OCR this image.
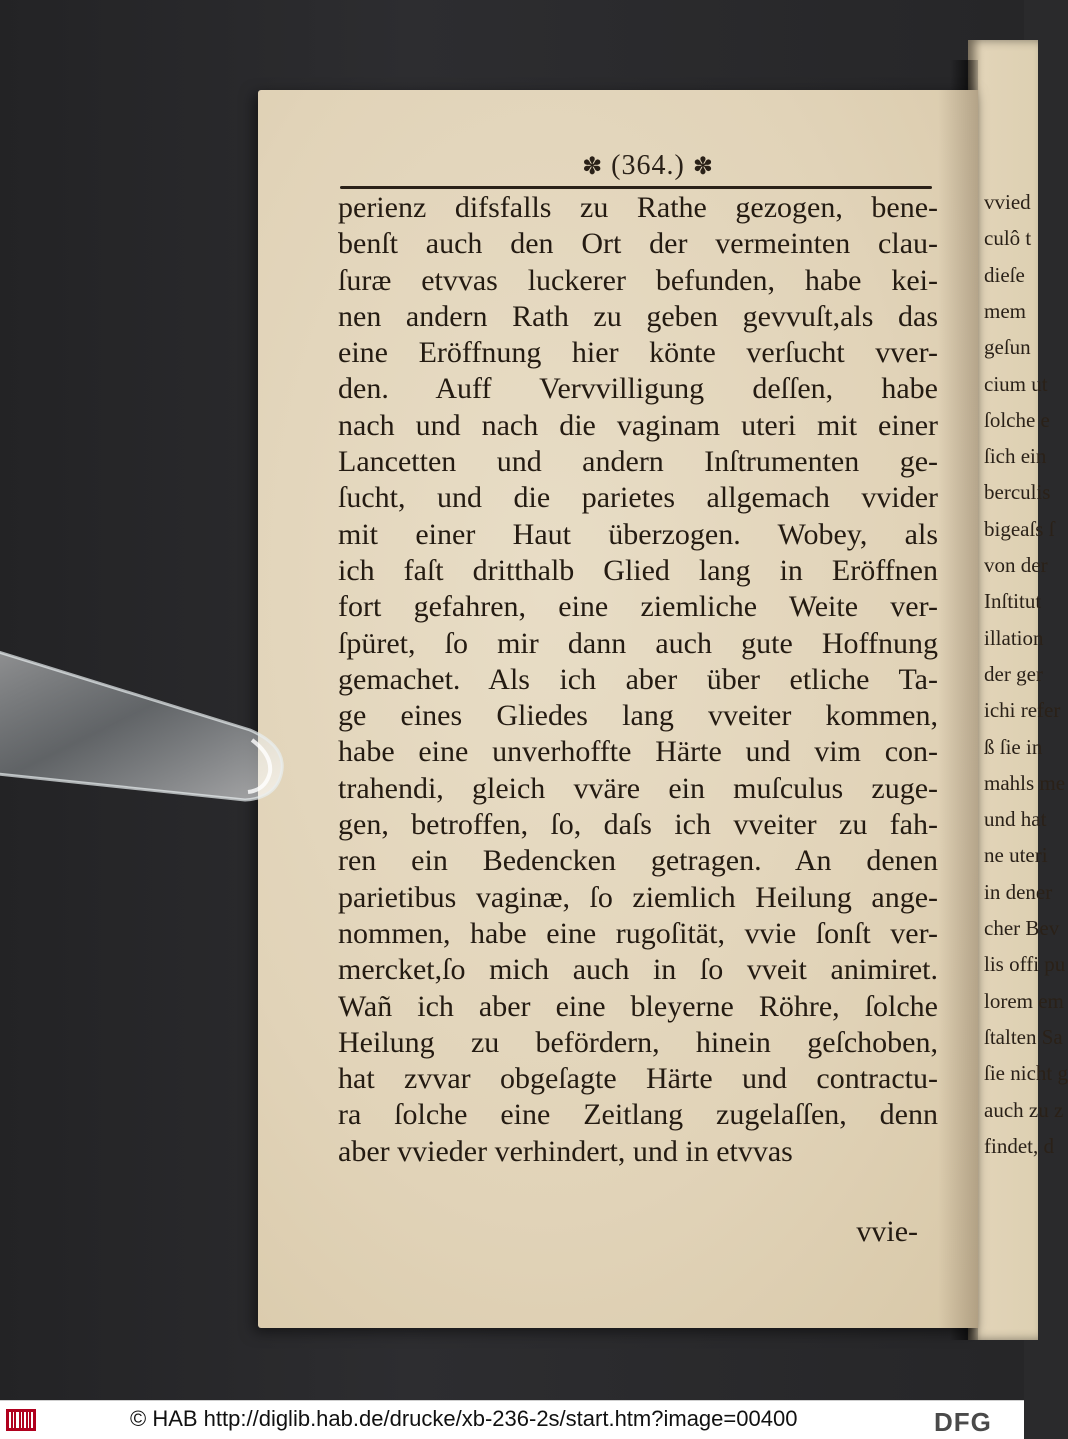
vvied
culô t
dieſe
mem
geſun
cium ut
ſolche e
ſich ein
berculis
bigeaſs ſ
von der
Inſtitut
illation
der ger
ichi refer
ß ſie in
mahls me
und hat
ne uteri
in dener
cher Bev
lis offi pu
lorem em
ſtalten Sa
ſie nicht g
auch zu z
findet, d
✽ (364.) ✽
perienz difsfalls zu Rathe gezogen, bene-
benſt auch den Ort der vermeinten clau-
ſuræ etvvas luckerer befunden, habe kei-
nen andern Rath zu geben gevvuſt,als das
eine Eröffnung hier könte verſucht vver-
den. Auff Vervvilligung deſſen, habe
nach und nach die vaginam uteri mit einer
Lancetten und andern Inſtrumenten ge-
ſucht, und die parietes allgemach vvider
mit einer Haut überzogen. Wobey, als
ich faſt dritthalb Glied lang in Eröffnen
fort gefahren, eine ziemliche Weite ver-
ſpüret, ſo mir dann auch gute Hoffnung
gemachet. Als ich aber über etliche Ta-
ge eines Gliedes lang vveiter kommen,
habe eine unverhoffte Härte und vim con-
trahendi, gleich vväre ein muſculus zuge-
gen, betroffen, ſo, daſs ich vveiter zu fah-
ren ein Bedencken getragen. An denen
parietibus vaginæ, ſo ziemlich Heilung ange-
nommen, habe eine rugoſität, vvie ſonſt ver-
mercket,ſo mich auch in ſo vveit animiret.
Wañ ich aber eine bleyerne Röhre, ſolche
Heilung zu befördern, hinein geſchoben,
hat zvvar obgeſagte Härte und contractu-
ra ſolche eine Zeitlang zugelaſſen, denn
aber vvieder verhindert, und in etvvas
vvie-
© HAB http://diglib.hab.de/drucke/xb-236-2s/start.htm?image=00400	DFG
